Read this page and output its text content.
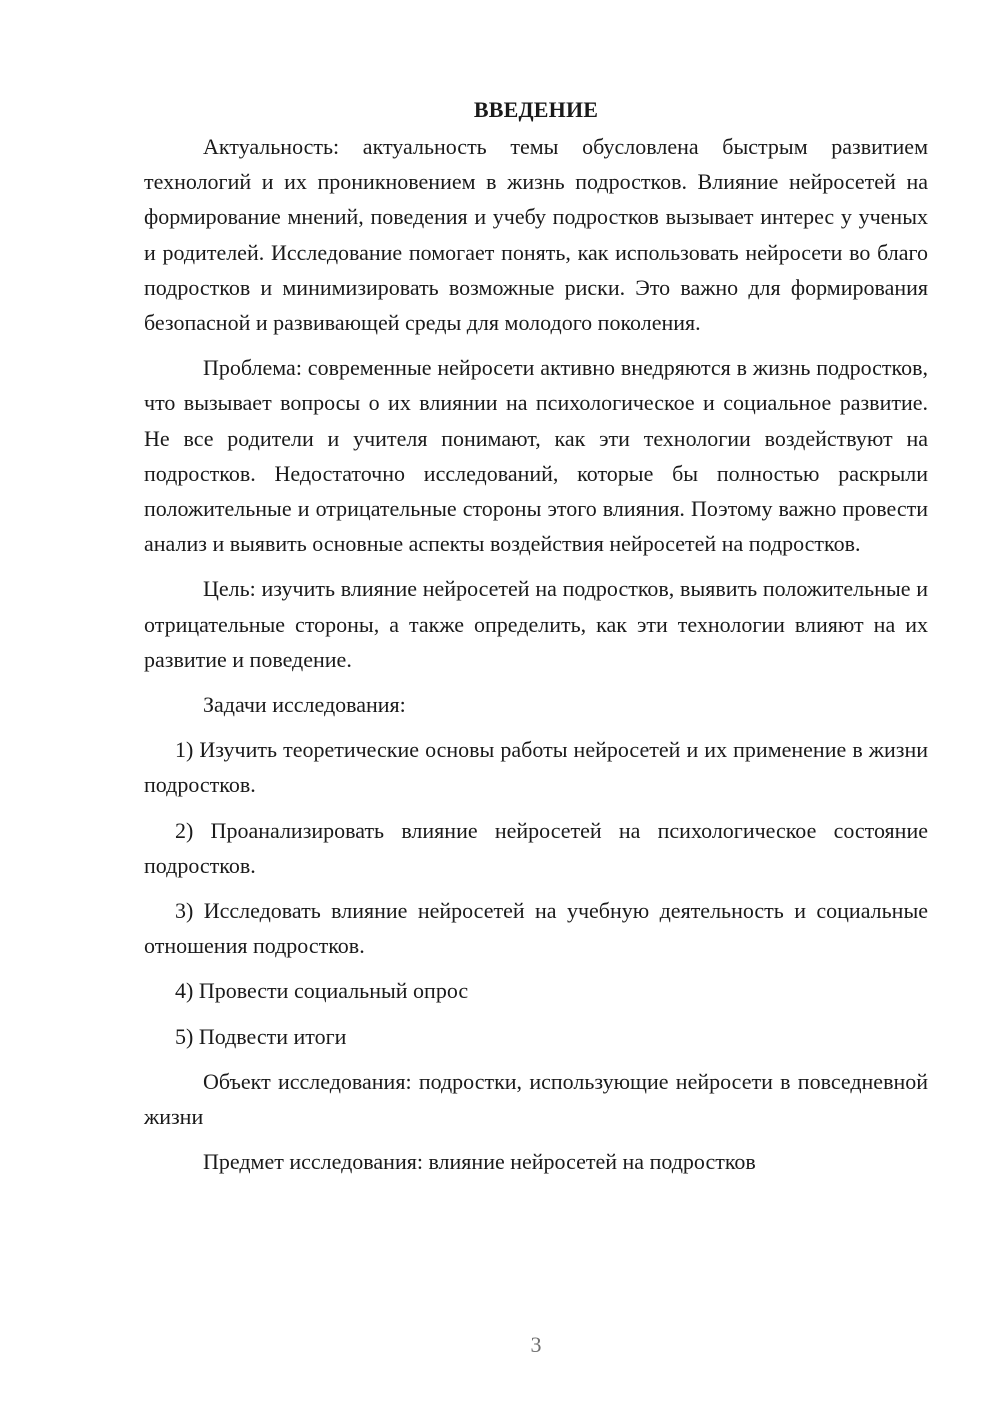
ВВЕДЕНИЕ

Актуальность: актуальность темы обусловлена быстрым развитием технологий и их проникновением в жизнь подростков. Влияние нейросетей на формирование мнений, поведения и учебу подростков вызывает интерес у ученых и родителей. Исследование помогает понять, как использовать нейросети во благо подростков и минимизировать возможные риски. Это важно для формирования безопасной и развивающей среды для молодого поколения.

Проблема: современные нейросети активно внедряются в жизнь подростков, что вызывает вопросы о их влиянии на психологическое и социальное развитие. Не все родители и учителя понимают, как эти технологии воздействуют на подростков. Недостаточно исследований, которые бы полностью раскрыли положительные и отрицательные стороны этого влияния. Поэтому важно провести анализ и выявить основные аспекты воздействия нейросетей на подростков.

Цель: изучить влияние нейросетей на подростков, выявить положительные и отрицательные стороны, а также определить, как эти технологии влияют на их развитие и поведение.

Задачи исследования:

1) Изучить теоретические основы работы нейросетей и их применение в жизни подростков.

2) Проанализировать влияние нейросетей на психологическое состояние подростков.

3) Исследовать влияние нейросетей на учебную деятельность и социальные отношения подростков.

4) Провести социальный опрос

5) Подвести итоги

Объект исследования: подростки, использующие нейросети в повседневной жизни

Предмет исследования: влияние нейросетей на подростков

3
